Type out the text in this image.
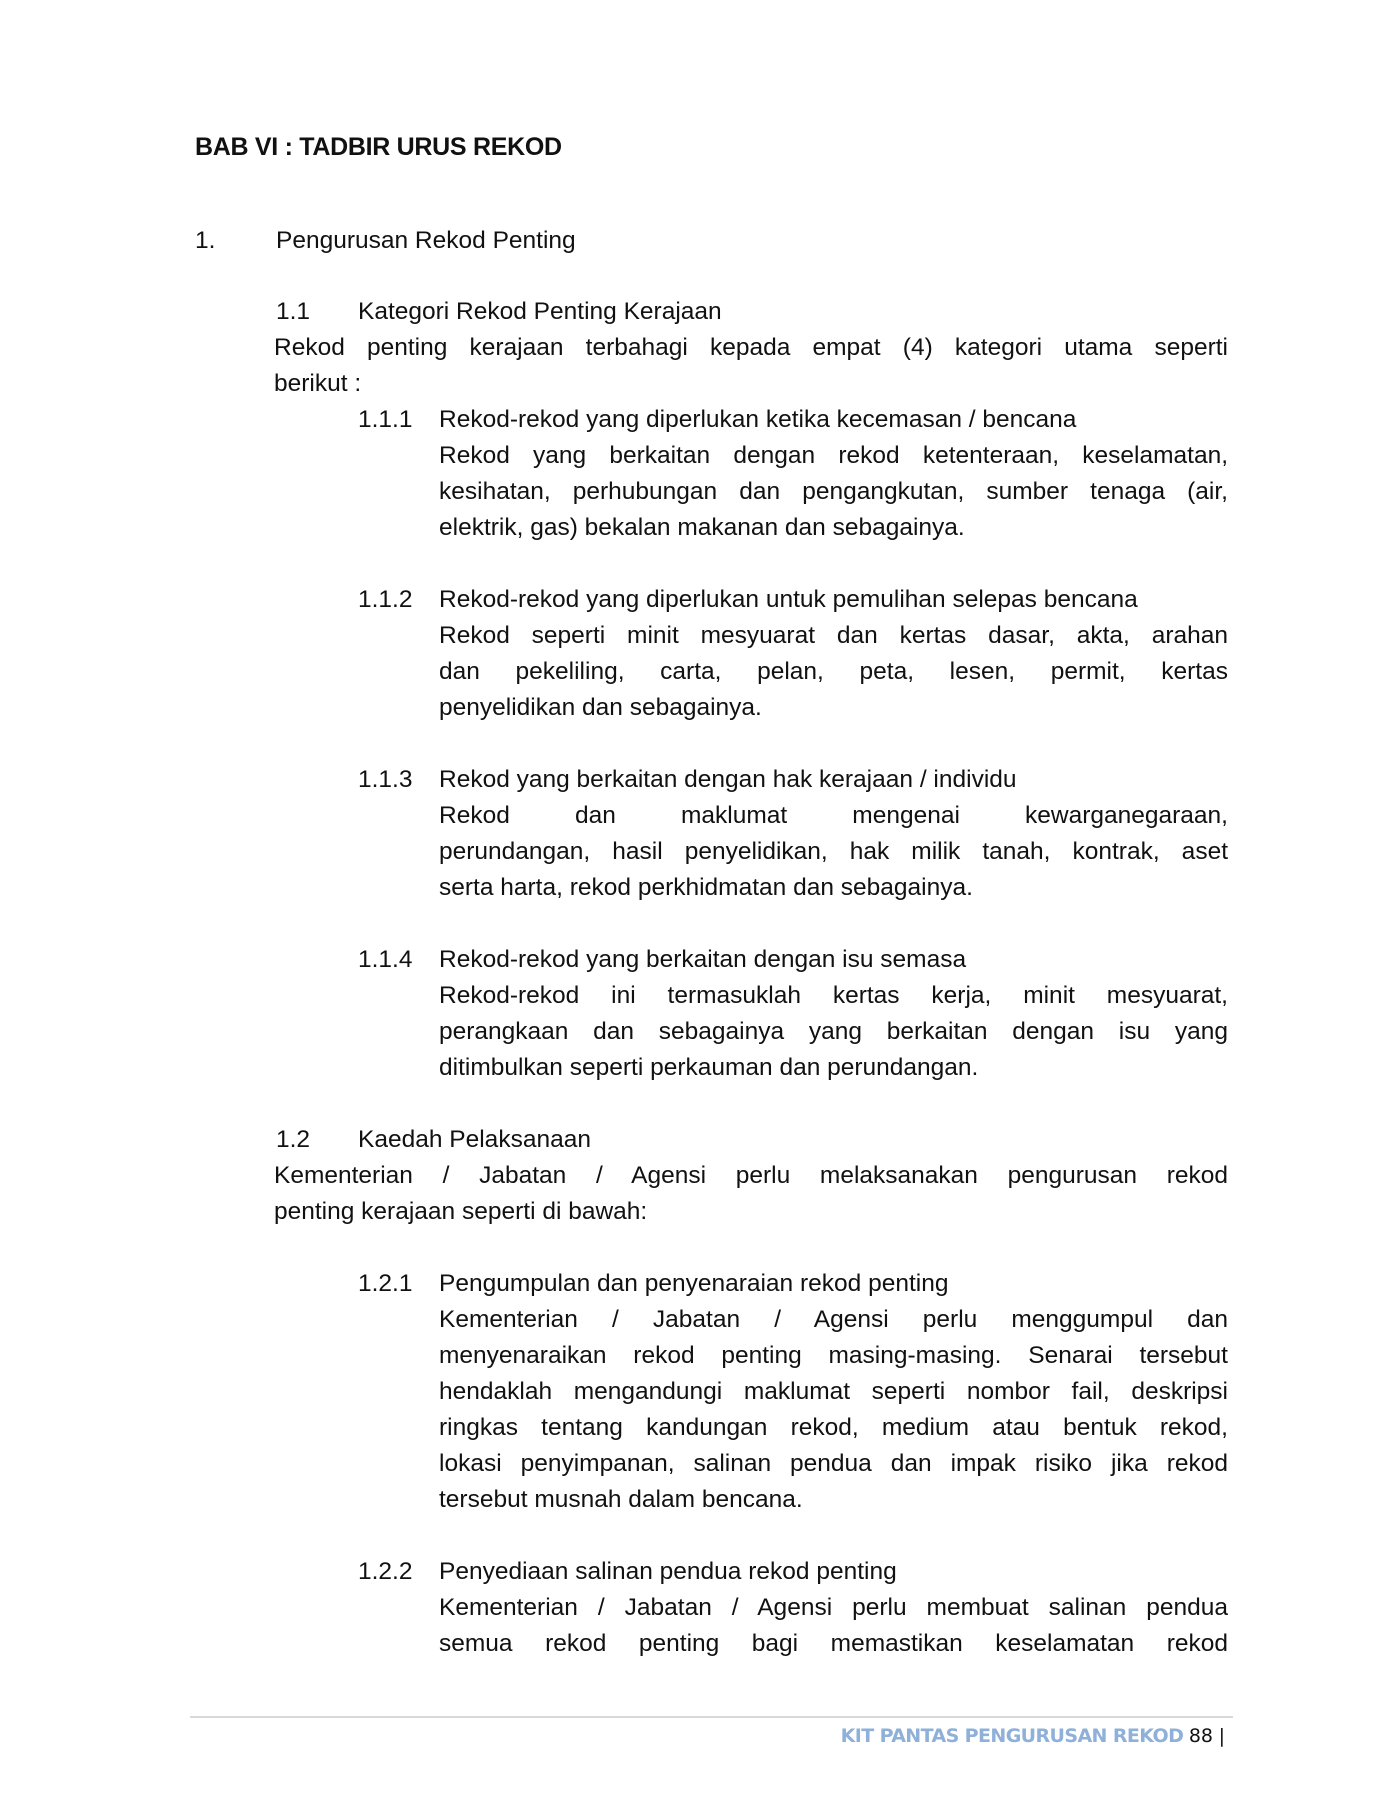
BAB VI : TADBIR URUS REKOD
1. Pengurusan Rekod Penting
1.1 Kategori Rekod Penting Kerajaan
Rekod penting kerajaan terbahagi kepada empat (4) kategori utama seperti
berikut :
1.1.1 Rekod-rekod yang diperlukan ketika kecemasan / bencana
Rekod yang berkaitan dengan rekod ketenteraan, keselamatan,
kesihatan, perhubungan dan pengangkutan, sumber tenaga (air,
elektrik, gas) bekalan makanan dan sebagainya.
1.1.2 Rekod-rekod yang diperlukan untuk pemulihan selepas bencana
Rekod seperti minit mesyuarat dan kertas dasar, akta, arahan
dan pekeliling, carta, pelan, peta, lesen, permit, kertas
penyelidikan dan sebagainya.
1.1.3 Rekod yang berkaitan dengan hak kerajaan / individu
Rekod dan maklumat mengenai kewarganegaraan,
perundangan, hasil penyelidikan, hak milik tanah, kontrak, aset
serta harta, rekod perkhidmatan dan sebagainya.
1.1.4 Rekod-rekod yang berkaitan dengan isu semasa
Rekod-rekod ini termasuklah kertas kerja, minit mesyuarat,
perangkaan dan sebagainya yang berkaitan dengan isu yang
ditimbulkan seperti perkauman dan perundangan.
1.2 Kaedah Pelaksanaan
Kementerian / Jabatan / Agensi perlu melaksanakan pengurusan rekod
penting kerajaan seperti di bawah:
1.2.1 Pengumpulan dan penyenaraian rekod penting
Kementerian / Jabatan / Agensi perlu menggumpul dan
menyenaraikan rekod penting masing-masing. Senarai tersebut
hendaklah mengandungi maklumat seperti nombor fail, deskripsi
ringkas tentang kandungan rekod, medium atau bentuk rekod,
lokasi penyimpanan, salinan pendua dan impak risiko jika rekod
tersebut musnah dalam bencana.
1.2.2 Penyediaan salinan pendua rekod penting
Kementerian / Jabatan / Agensi perlu membuat salinan pendua
semua rekod penting bagi memastikan keselamatan rekod
KIT PANTAS PENGURUSAN REKOD 88 |
